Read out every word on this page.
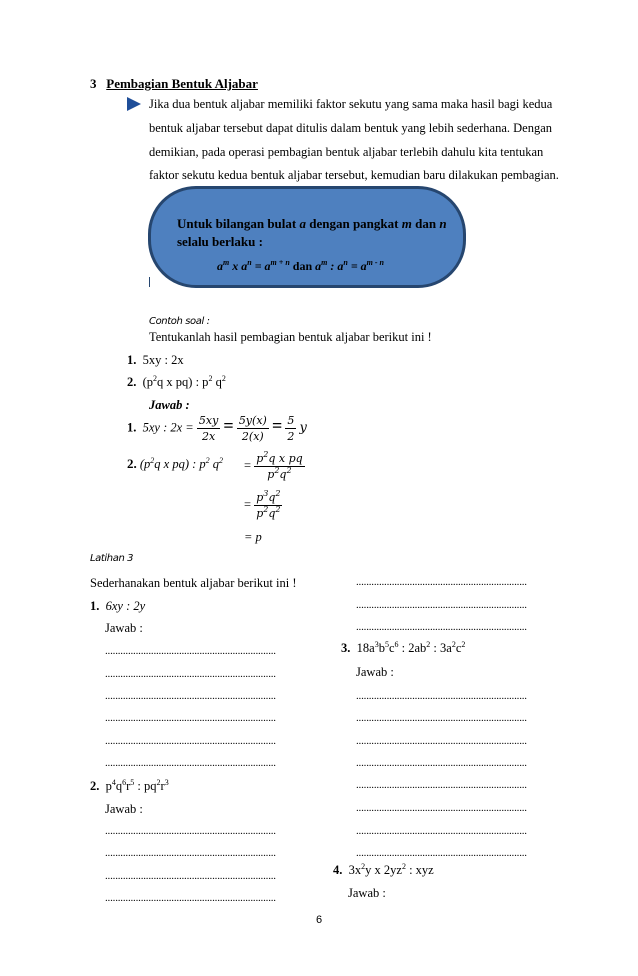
3 Pembagian Bentuk Aljabar
Jika dua bentuk aljabar memiliki faktor sekutu yang sama maka hasil bagi kedua
bentuk aljabar tersebut dapat ditulis dalam bentuk yang lebih sederhana. Dengan
demikian, pada operasi pembagian bentuk aljabar terlebih dahulu kita tentukan
faktor sekutu kedua bentuk aljabar tersebut, kemudian baru dilakukan pembagian.
Untuk bilangan bulat a dengan pangkat m dan n
selalu berlaku :
$a^m$ x $a^n = a^{m + n}$ dan $a^m$ : $a^n = a^{m - n}$
Contoh soal :
Tentukanlah hasil pembagian bentuk aljabar berikut ini !
1. 5xy : 2x
2.  ($p^2q$ x pq) : $p^2$ $q^2$
Jawab :
1. 5xy : $2x = \frac{5xy}{2x} = \frac{5y(x)}{2(x)} = \frac{5}{2}$ y
2. ($p^2q$ x pq) : $p^2$ $q^2 = \frac{p^2q x pq}{p^2q^2}$
= $\frac{p^3q^2}{p^2q^2}$
= p
Latihan 3
Sederhanakan bentuk aljabar berikut ini !
1. 6xy : 2y
Jawab :
...................................................................
...................................................................
...................................................................
...................................................................
...................................................................
...................................................................
2.  $p^4q^6r^5$ : $pq^2r^3$
Jawab :
...................................................................
...................................................................
...................................................................
...................................................................
...................................................................
...................................................................
...................................................................
3.  $18a^3b^5c^6$ : $2ab^2$ : $3a^2c^2$
Jawab :
...................................................................
...................................................................
...................................................................
...................................................................
...................................................................
...................................................................
...................................................................
...................................................................
4.  $3x^2y$ x $2yz^2$ : xyz
Jawab :
6
